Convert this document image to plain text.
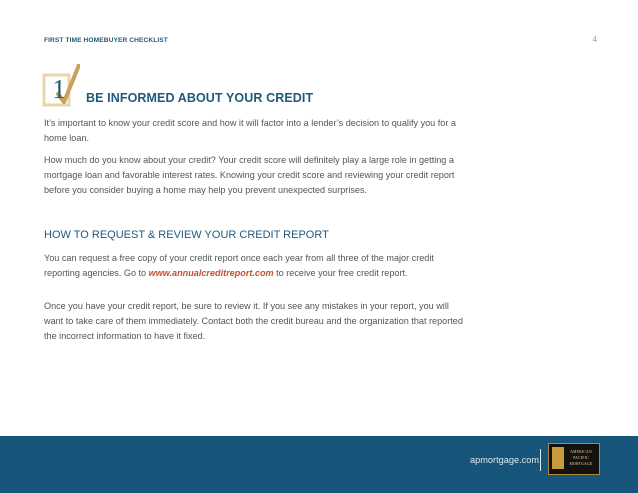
FIRST TIME HOMEBUYER CHECKLIST	4
1 BE INFORMED ABOUT YOUR CREDIT
It’s important to know your credit score and how it will factor into a lender’s decision to qualify you for a home loan.
How much do you know about your credit? Your credit score will definitely play a large role in getting a mortgage loan and favorable interest rates. Knowing your credit score and reviewing your credit report before you consider buying a home may help you prevent unexpected surprises.
HOW TO REQUEST & REVIEW YOUR CREDIT REPORT
You can request a free copy of your credit report once each year from all three of the major credit reporting agencies. Go to www.annualcreditreport.com to receive your free credit report.
Once you have your credit report, be sure to review it. If you see any mistakes in your report, you will want to take care of them immediately. Contact both the credit bureau and the organization that reported the incorrect information to have it fixed.
apmortgage.com
AMERICAN
PACIFIC
MORTGAGE
